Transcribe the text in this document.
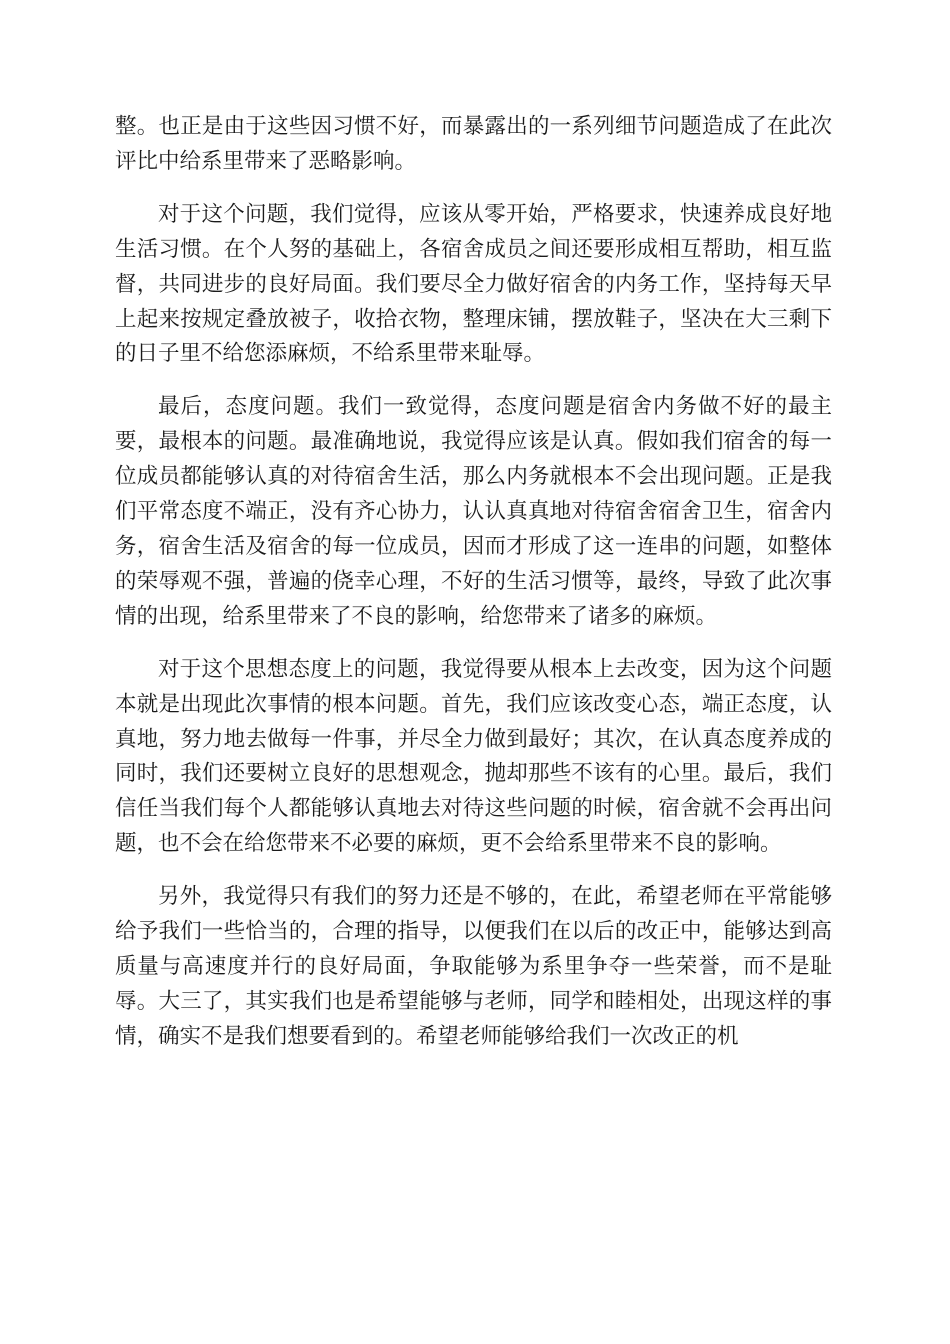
整。也正是由于这些因习惯不好，而暴露出的一系列细节问题造成了在此次评比中给系里带来了恶略影响。

对于这个问题，我们觉得，应该从零开始，严格要求，快速养成良好地生活习惯。在个人努的基础上，各宿舍成员之间还要形成相互帮助，相互监督，共同进步的良好局面。我们要尽全力做好宿舍的内务工作，坚持每天早上起来按规定叠放被子，收拾衣物，整理床铺，摆放鞋子，坚决在大三剩下的日子里不给您添麻烦，不给系里带来耻辱。

最后，态度问题。我们一致觉得，态度问题是宿舍内务做不好的最主要，最根本的问题。最准确地说，我觉得应该是认真。假如我们宿舍的每一位成员都能够认真的对待宿舍生活，那么内务就根本不会出现问题。正是我们平常态度不端正，没有齐心协力，认认真真地对待宿舍宿舍卫生，宿舍内务，宿舍生活及宿舍的每一位成员，因而才形成了这一连串的问题，如整体的荣辱观不强，普遍的侥幸心理，不好的生活习惯等，最终，导致了此次事情的出现，给系里带来了不良的影响，给您带来了诸多的麻烦。

对于这个思想态度上的问题，我觉得要从根本上去改变，因为这个问题本就是出现此次事情的根本问题。首先，我们应该改变心态，端正态度，认真地，努力地去做每一件事，并尽全力做到最好；其次，在认真态度养成的同时，我们还要树立良好的思想观念，抛却那些不该有的心里。最后，我们信任当我们每个人都能够认真地去对待这些问题的时候，宿舍就不会再出问题，也不会在给您带来不必要的麻烦，更不会给系里带来不良的影响。

另外，我觉得只有我们的努力还是不够的，在此，希望老师在平常能够给予我们一些恰当的，合理的指导，以便我们在以后的改正中，能够达到高质量与高速度并行的良好局面，争取能够为系里争夺一些荣誉，而不是耻辱。大三了，其实我们也是希望能够与老师，同学和睦相处，出现这样的事情，确实不是我们想要看到的。希望老师能够给我们一次改正的机
